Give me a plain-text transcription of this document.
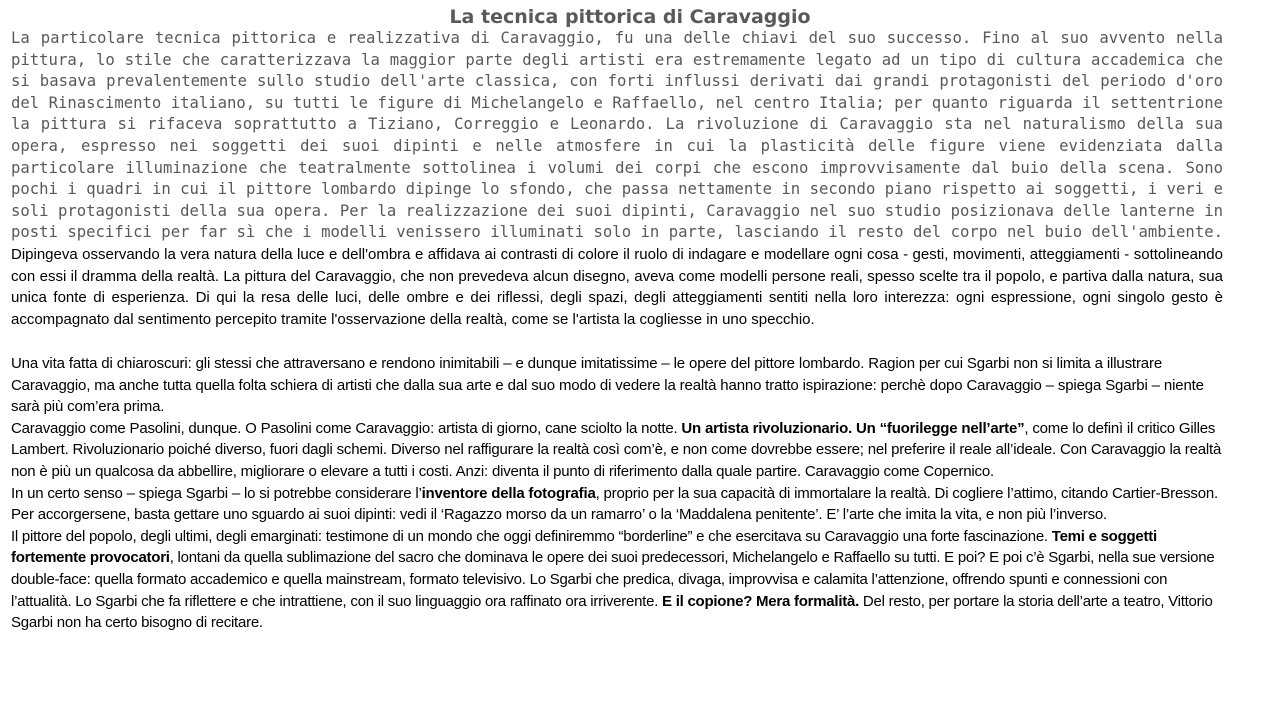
La tecnica pittorica di Caravaggio

La particolare tecnica pittorica e realizzativa di Caravaggio, fu una delle chiavi del suo successo. Fino al suo avvento nella pittura, lo stile che caratterizzava la maggior parte degli artisti era estremamente legato ad un tipo di cultura accademica che si basava prevalentemente sullo studio dell'arte classica, con forti influssi derivati dai grandi protagonisti del periodo d'oro del Rinascimento italiano, su tutti le figure di Michelangelo e Raffaello, nel centro Italia; per quanto riguarda il settentrione la pittura si rifaceva soprattutto a Tiziano, Correggio e Leonardo. La rivoluzione di Caravaggio sta nel naturalismo della sua opera, espresso nei soggetti dei suoi dipinti e nelle atmosfere in cui la plasticità delle figure viene evidenziata dalla particolare illuminazione che teatralmente sottolinea i volumi dei corpi che escono improvvisamente dal buio della scena. Sono pochi i quadri in cui il pittore lombardo dipinge lo sfondo, che passa nettamente in secondo piano rispetto ai soggetti, i veri e soli protagonisti della sua opera. Per la realizzazione dei suoi dipinti, Caravaggio nel suo studio posizionava delle lanterne in posti specifici per far sì che i modelli venissero illuminati solo in parte, lasciando il resto del corpo nel buio dell'ambiente. Dipingeva osservando la vera natura della luce e dell'ombra e affidava ai contrasti di colore il ruolo di indagare e modellare ogni cosa - gesti, movimenti, atteggiamenti - sottolineando con essi il dramma della realtà. La pittura del Caravaggio, che non prevedeva alcun disegno, aveva come modelli persone reali, spesso scelte tra il popolo, e partiva dalla natura, sua unica fonte di esperienza. Di qui la resa delle luci, delle ombre e dei riflessi, degli spazi, degli atteggiamenti sentiti nella loro interezza: ogni espressione, ogni singolo gesto è accompagnato dal sentimento percepito tramite l'osservazione della realtà, come se l'artista la cogliesse in uno specchio.

Una vita fatta di chiaroscuri: gli stessi che attraversano e rendono inimitabili – e dunque imitatissime – le opere del pittore lombardo. Ragion per cui Sgarbi non si limita a illustrare Caravaggio, ma anche tutta quella folta schiera di artisti che dalla sua arte e dal suo modo di vedere la realtà hanno tratto ispirazione: perchè dopo Caravaggio – spiega Sgarbi – niente sarà più com’era prima.

Caravaggio come Pasolini, dunque. O Pasolini come Caravaggio: artista di giorno, cane sciolto la notte. Un artista rivoluzionario. Un “fuorilegge nell’arte”, come lo definì il critico Gilles Lambert. Rivoluzionario poiché diverso, fuori dagli schemi. Diverso nel raffigurare la realtà così com’è, e non come dovrebbe essere; nel preferire il reale all’ideale. Con Caravaggio la realtà non è più un qualcosa da abbellire, migliorare o elevare a tutti i costi. Anzi: diventa il punto di riferimento dalla quale partire. Caravaggio come Copernico.

In un certo senso – spiega Sgarbi – lo si potrebbe considerare l’inventore della fotografia, proprio per la sua capacità di immortalare la realtà. Di cogliere l’attimo, citando Cartier-Bresson. Per accorgersene, basta gettare uno sguardo ai suoi dipinti: vedi il ‘Ragazzo morso da un ramarro’ o la ‘Maddalena penitente’. E’ l’arte che imita la vita, e non più l’inverso.

Il pittore del popolo, degli ultimi, degli emarginati: testimone di un mondo che oggi definiremmo “borderline” e che esercitava su Caravaggio una forte fascinazione. Temi e soggetti fortemente provocatori, lontani da quella sublimazione del sacro che dominava le opere dei suoi predecessori, Michelangelo e Raffaello su tutti. E poi? E poi c’è Sgarbi, nella sue versione double-face: quella formato accademico e quella mainstream, formato televisivo. Lo Sgarbi che predica, divaga, improvvisa e calamita l’attenzione, offrendo spunti e connessioni con l’attualità. Lo Sgarbi che fa riflettere e che intrattiene, con il suo linguaggio ora raffinato ora irriverente. E il copione? Mera formalità. Del resto, per portare la storia dell’arte a teatro, Vittorio Sgarbi non ha certo bisogno di recitare.
